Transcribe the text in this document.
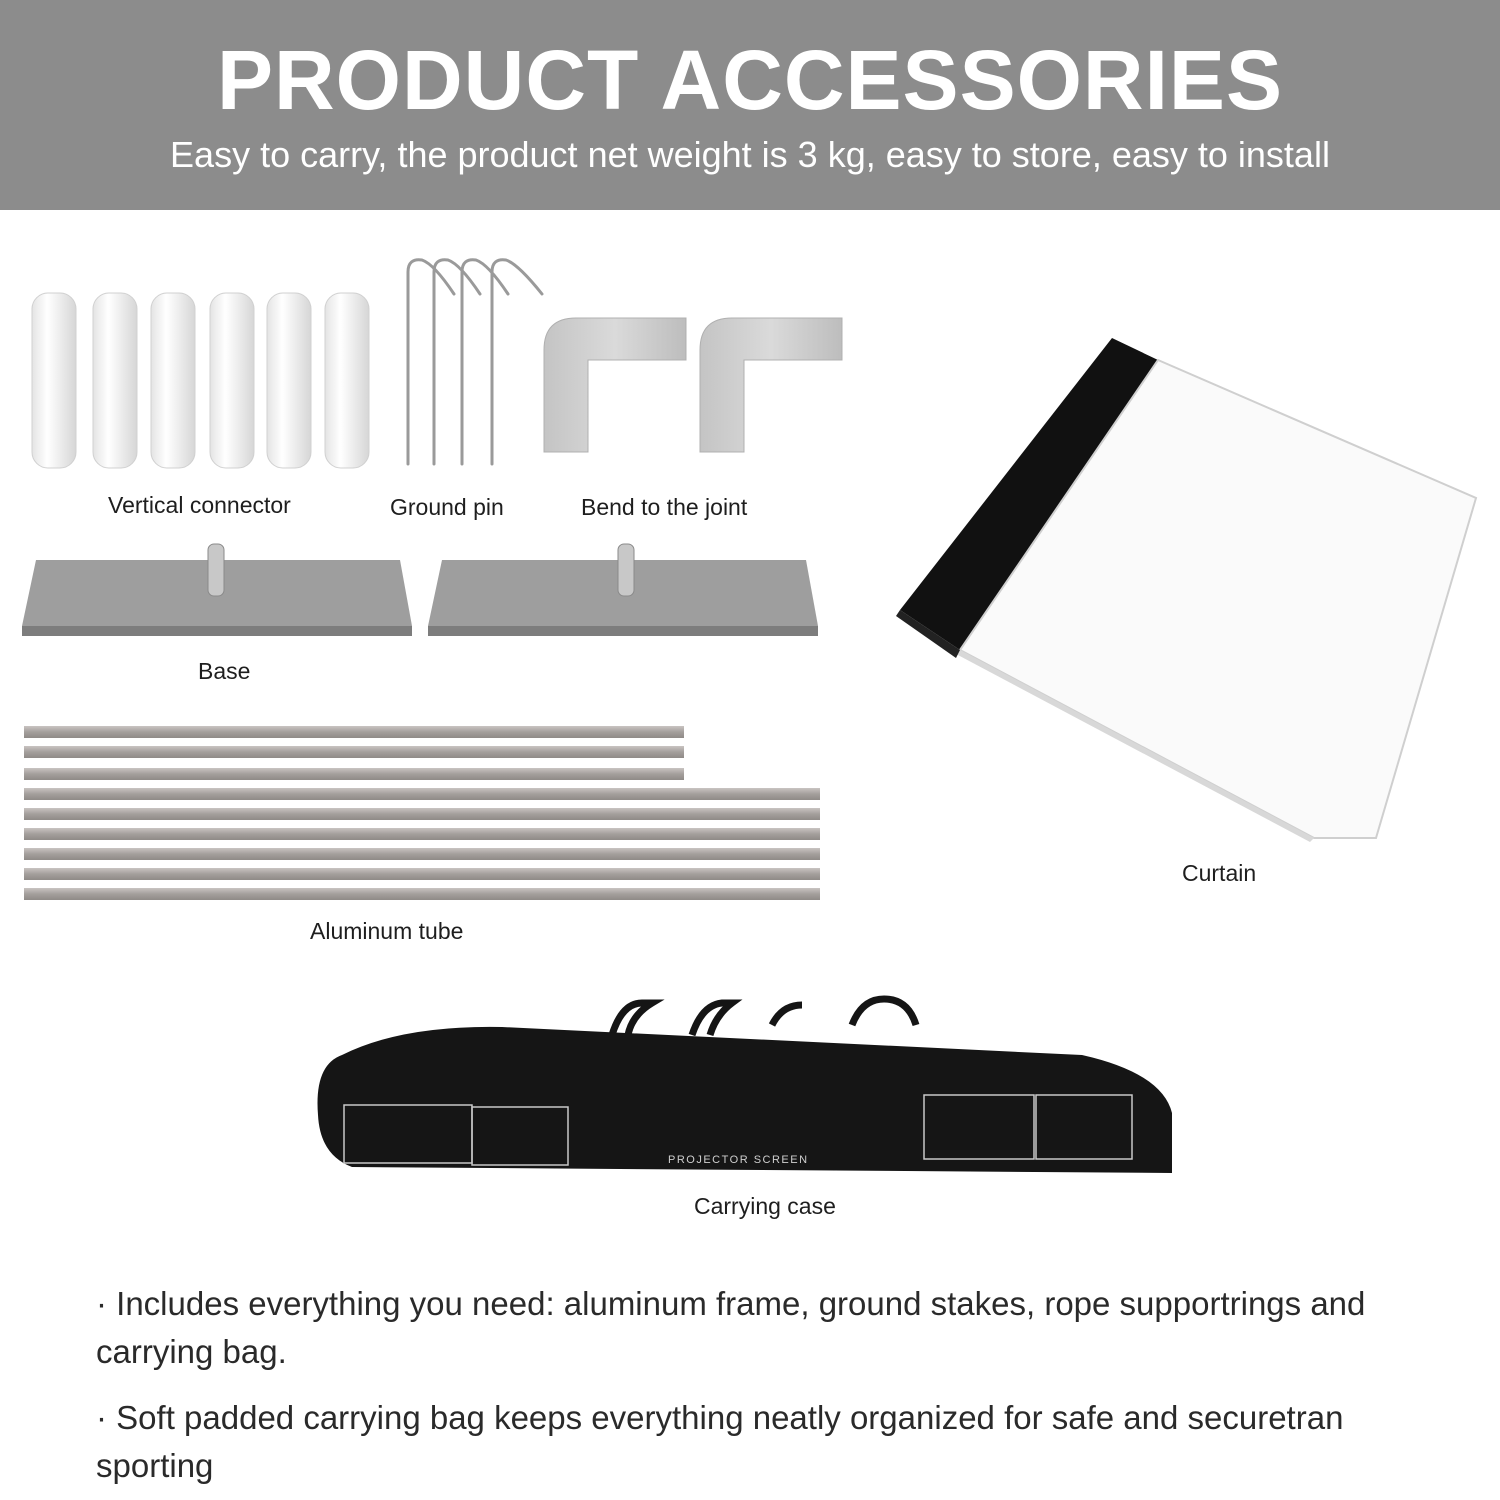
PRODUCT ACCESSORIES
Easy to carry, the product net weight is 3 kg, easy to store, easy to install
Vertical connector	Ground pin	Bend to the joint
Base
Aluminum tube
Curtain
PROJECTOR SCREEN
Carrying case
· Includes everything you need: aluminum frame, ground stakes, rope supportrings and carrying bag.
· Soft padded carrying bag keeps everything neatly organized for safe and securetran sporting
